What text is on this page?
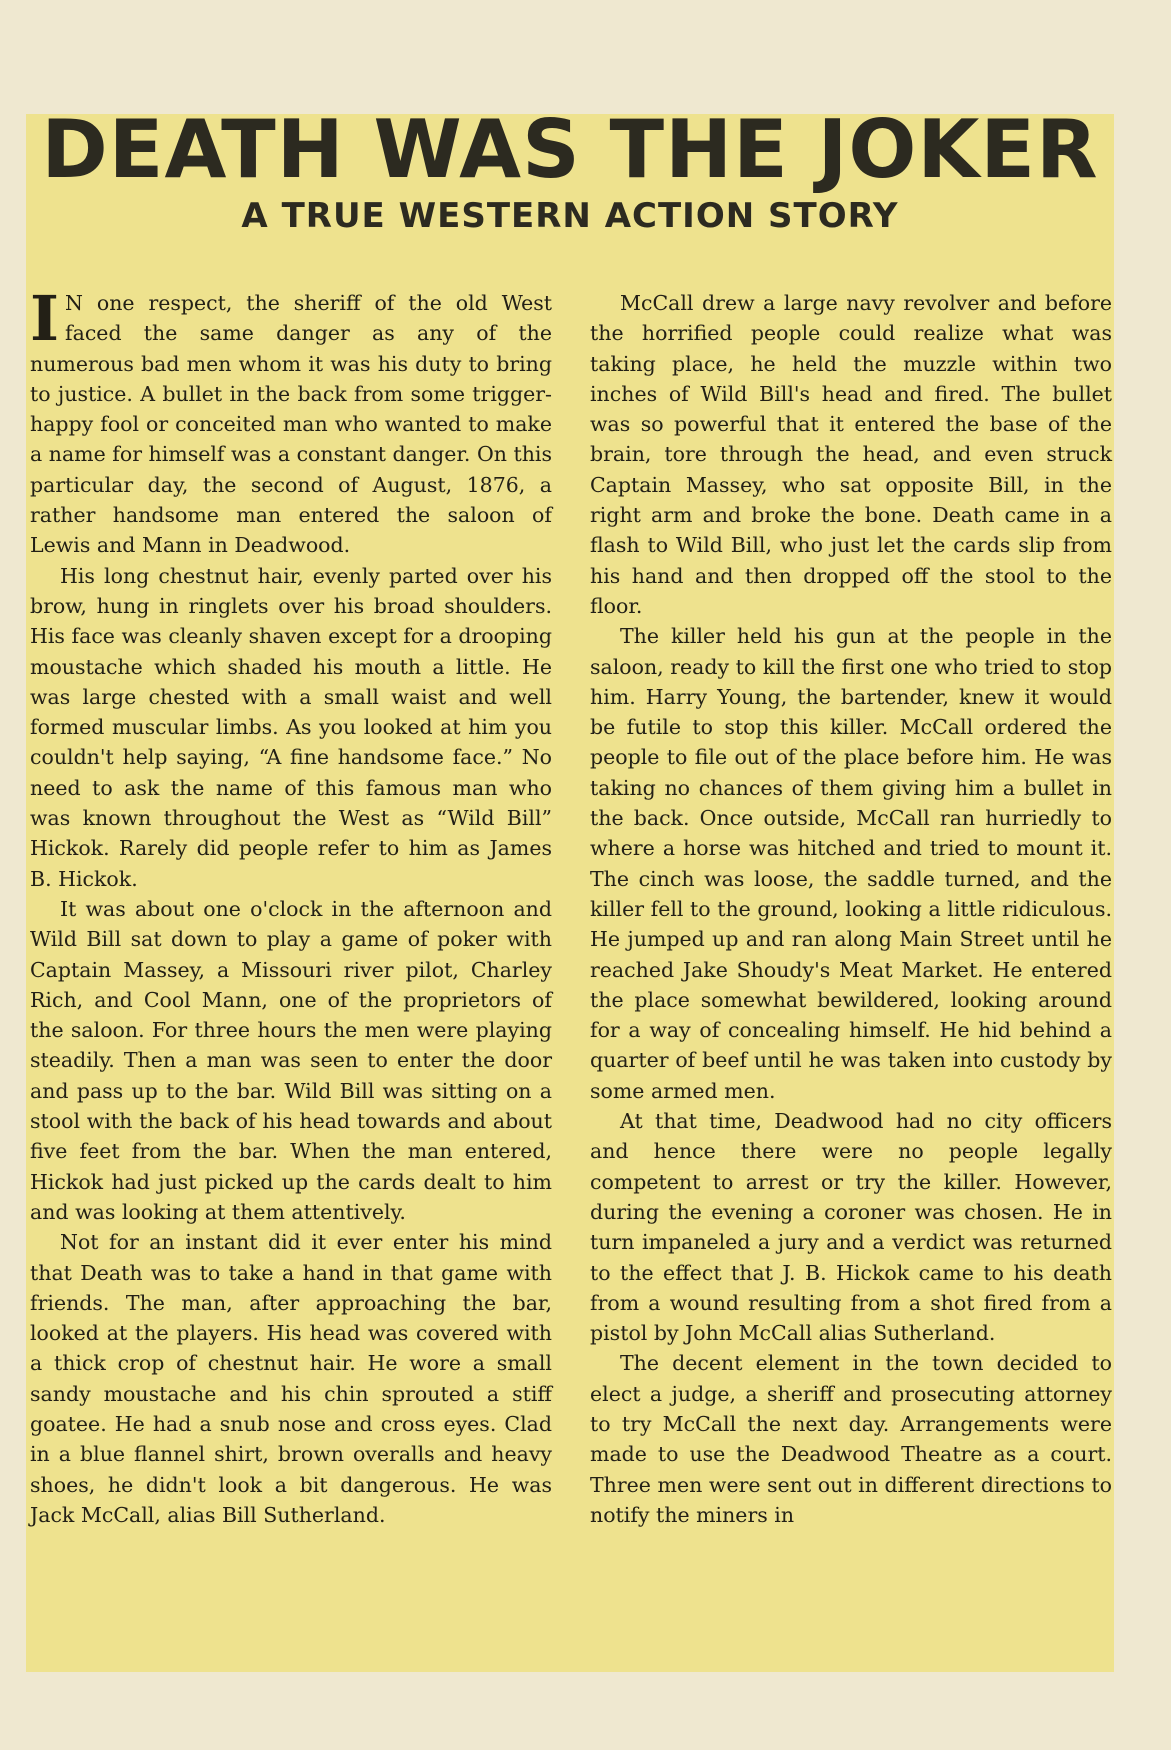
DEATH WAS THE JOKER
A TRUE WESTERN ACTION STORY

I N one respect, the sheriff of the old West faced the same danger as any of the numerous bad men whom it was his duty to bring to justice. A bullet in the back from some trigger-happy fool or conceited man who wanted to make a name for himself was a constant danger. On this particular day, the second of August, 1876, a rather handsome man entered the saloon of Lewis and Mann in Deadwood.

His long chestnut hair, evenly parted over his brow, hung in ringlets over his broad shoulders. His face was cleanly shaven except for a drooping moustache which shaded his mouth a little. He was large chested with a small waist and well formed muscular limbs. As you looked at him you couldn't help saying, “A fine handsome face.” No need to ask the name of this famous man who was known throughout the West as “Wild Bill” Hickok. Rarely did people refer to him as James B. Hickok.

It was about one o'clock in the afternoon and Wild Bill sat down to play a game of poker with Captain Massey, a Missouri river pilot, Charley Rich, and Cool Mann, one of the proprietors of the saloon. For three hours the men were playing steadily. Then a man was seen to enter the door and pass up to the bar. Wild Bill was sitting on a stool with the back of his head towards and about five feet from the bar. When the man entered, Hickok had just picked up the cards dealt to him and was looking at them attentively.

Not for an instant did it ever enter his mind that Death was to take a hand in that game with friends. The man, after approaching the bar, looked at the players. His head was covered with a thick crop of chestnut hair. He wore a small sandy moustache and his chin sprouted a stiff goatee. He had a snub nose and cross eyes. Clad in a blue flannel shirt, brown overalls and heavy shoes, he didn't look a bit dangerous. He was Jack McCall, alias Bill Sutherland.

McCall drew a large navy revolver and before the horrified people could realize what was taking place, he held the muzzle within two inches of Wild Bill's head and fired. The bullet was so powerful that it entered the base of the brain, tore through the head, and even struck Captain Massey, who sat opposite Bill, in the right arm and broke the bone. Death came in a flash to Wild Bill, who just let the cards slip from his hand and then dropped off the stool to the floor.

The killer held his gun at the people in the saloon, ready to kill the first one who tried to stop him. Harry Young, the bartender, knew it would be futile to stop this killer. McCall ordered the people to file out of the place before him. He was taking no chances of them giving him a bullet in the back. Once outside, McCall ran hurriedly to where a horse was hitched and tried to mount it. The cinch was loose, the saddle turned, and the killer fell to the ground, looking a little ridiculous. He jumped up and ran along Main Street until he reached Jake Shoudy's Meat Market. He entered the place somewhat bewildered, looking around for a way of concealing himself. He hid behind a quarter of beef until he was taken into custody by some armed men.

At that time, Deadwood had no city officers and hence there were no people legally competent to arrest or try the killer. However, during the evening a coroner was chosen. He in turn impaneled a jury and a verdict was returned to the effect that J. B. Hickok came to his death from a wound resulting from a shot fired from a pistol by John McCall alias Sutherland.

The decent element in the town decided to elect a judge, a sheriff and prosecuting attorney to try McCall the next day. Arrangements were made to use the Deadwood Theatre as a court. Three men were sent out in different directions to notify the miners in
